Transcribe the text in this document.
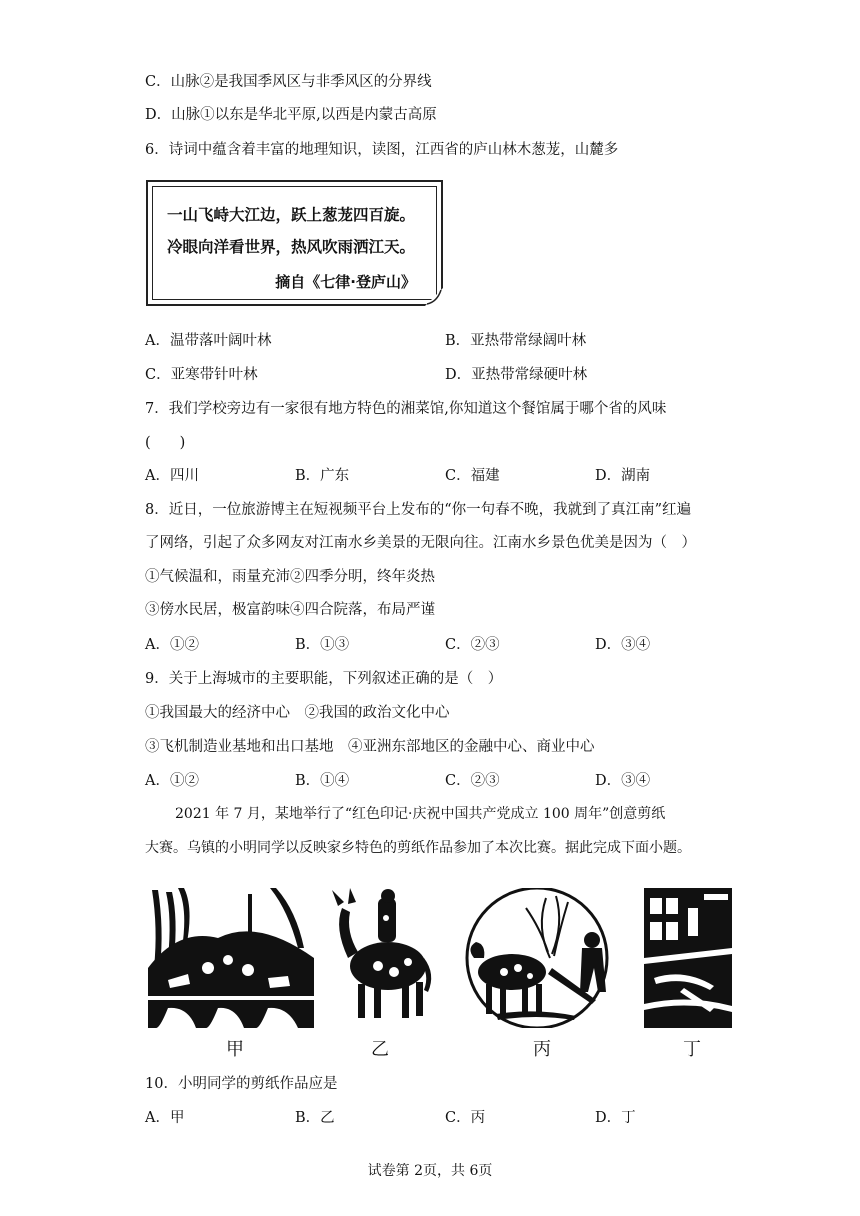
C．山脉②是我国季风区与非季风区的分界线
D．山脉①以东是华北平原,以西是内蒙古高原
6．诗词中蕴含着丰富的地理知识，读图，江西省的庐山林木葱茏，山麓多
一山飞峙大江边，跃上葱茏四百旋。
冷眼向洋看世界，热风吹雨洒江天。
摘自《七律·登庐山》
A．温带落叶阔叶林	B．亚热带常绿阔叶林
C．亚寒带针叶林	D．亚热带常绿硬叶林
7．我们学校旁边有一家很有地方特色的湘菜馆,你知道这个餐馆属于哪个省的风味
(　　)
A．四川	B．广东	C．福建	D．湖南
8．近日，一位旅游博主在短视频平台上发布的“你一句春不晚，我就到了真江南”红遍
了网络，引起了众多网友对江南水乡美景的无限向往。江南水乡景色优美是因为（　）
①气候温和，雨量充沛②四季分明，终年炎热
③傍水民居，极富韵味④四合院落，布局严谨
A．①②	B．①③	C．②③	D．③④
9．关于上海城市的主要职能，下列叙述正确的是（　）
①我国最大的经济中心　②我国的政治文化中心
③飞机制造业基地和出口基地　④亚洲东部地区的金融中心、商业中心
A．①②	B．①④	C．②③	D．③④
2021 年 7 月，某地举行了“红色印记·庆祝中国共产党成立 100 周年”创意剪纸
大赛。乌镇的小明同学以反映家乡特色的剪纸作品参加了本次比赛。据此完成下面小题。
甲	乙	丙	丁
10．小明同学的剪纸作品应是
A．甲	B．乙	C．丙	D．丁
试卷第 2页，共 6页
